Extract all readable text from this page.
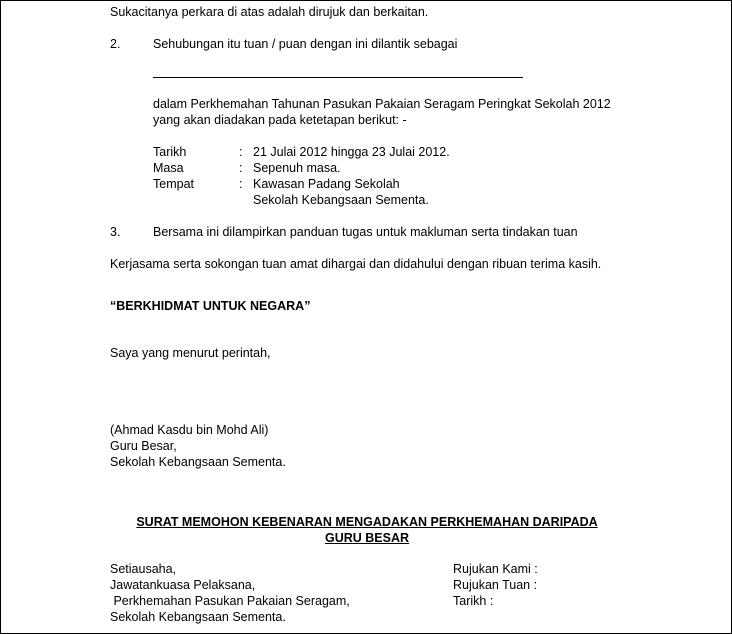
Sukacitanya perkara di atas adalah dirujuk dan berkaitan.
2.	Sehubungan itu tuan / puan dengan ini dilantik sebagai
dalam Perkhemahan Tahunan Pasukan Pakaian Seragam Peringkat Sekolah 2012
yang akan diadakan pada ketetapan berikut: -
Tarikh	: 21 Julai 2012 hingga 23 Julai 2012.
Masa	: Sepenuh masa.
Tempat	: Kawasan Padang Sekolah
Sekolah Kebangsaan Sementa.
3.	Bersama ini dilampirkan panduan tugas untuk makluman serta tindakan tuan
Kerjasama serta sokongan tuan amat dihargai dan didahului dengan ribuan terima kasih.
“BERKHIDMAT UNTUK NEGARA”
Saya yang menurut perintah,
(Ahmad Kasdu bin Mohd Ali)
Guru Besar,
Sekolah Kebangsaan Sementa.
SURAT MEMOHON KEBENARAN MENGADAKAN PERKHEMAHAN DARIPADA
GURU BESAR
Setiausaha,
Jawatankuasa Pelaksana,
Perkhemahan Pasukan Pakaian Seragam,
Sekolah Kebangsaan Sementa.
Rujukan Kami :
Rujukan Tuan :
Tarikh :
